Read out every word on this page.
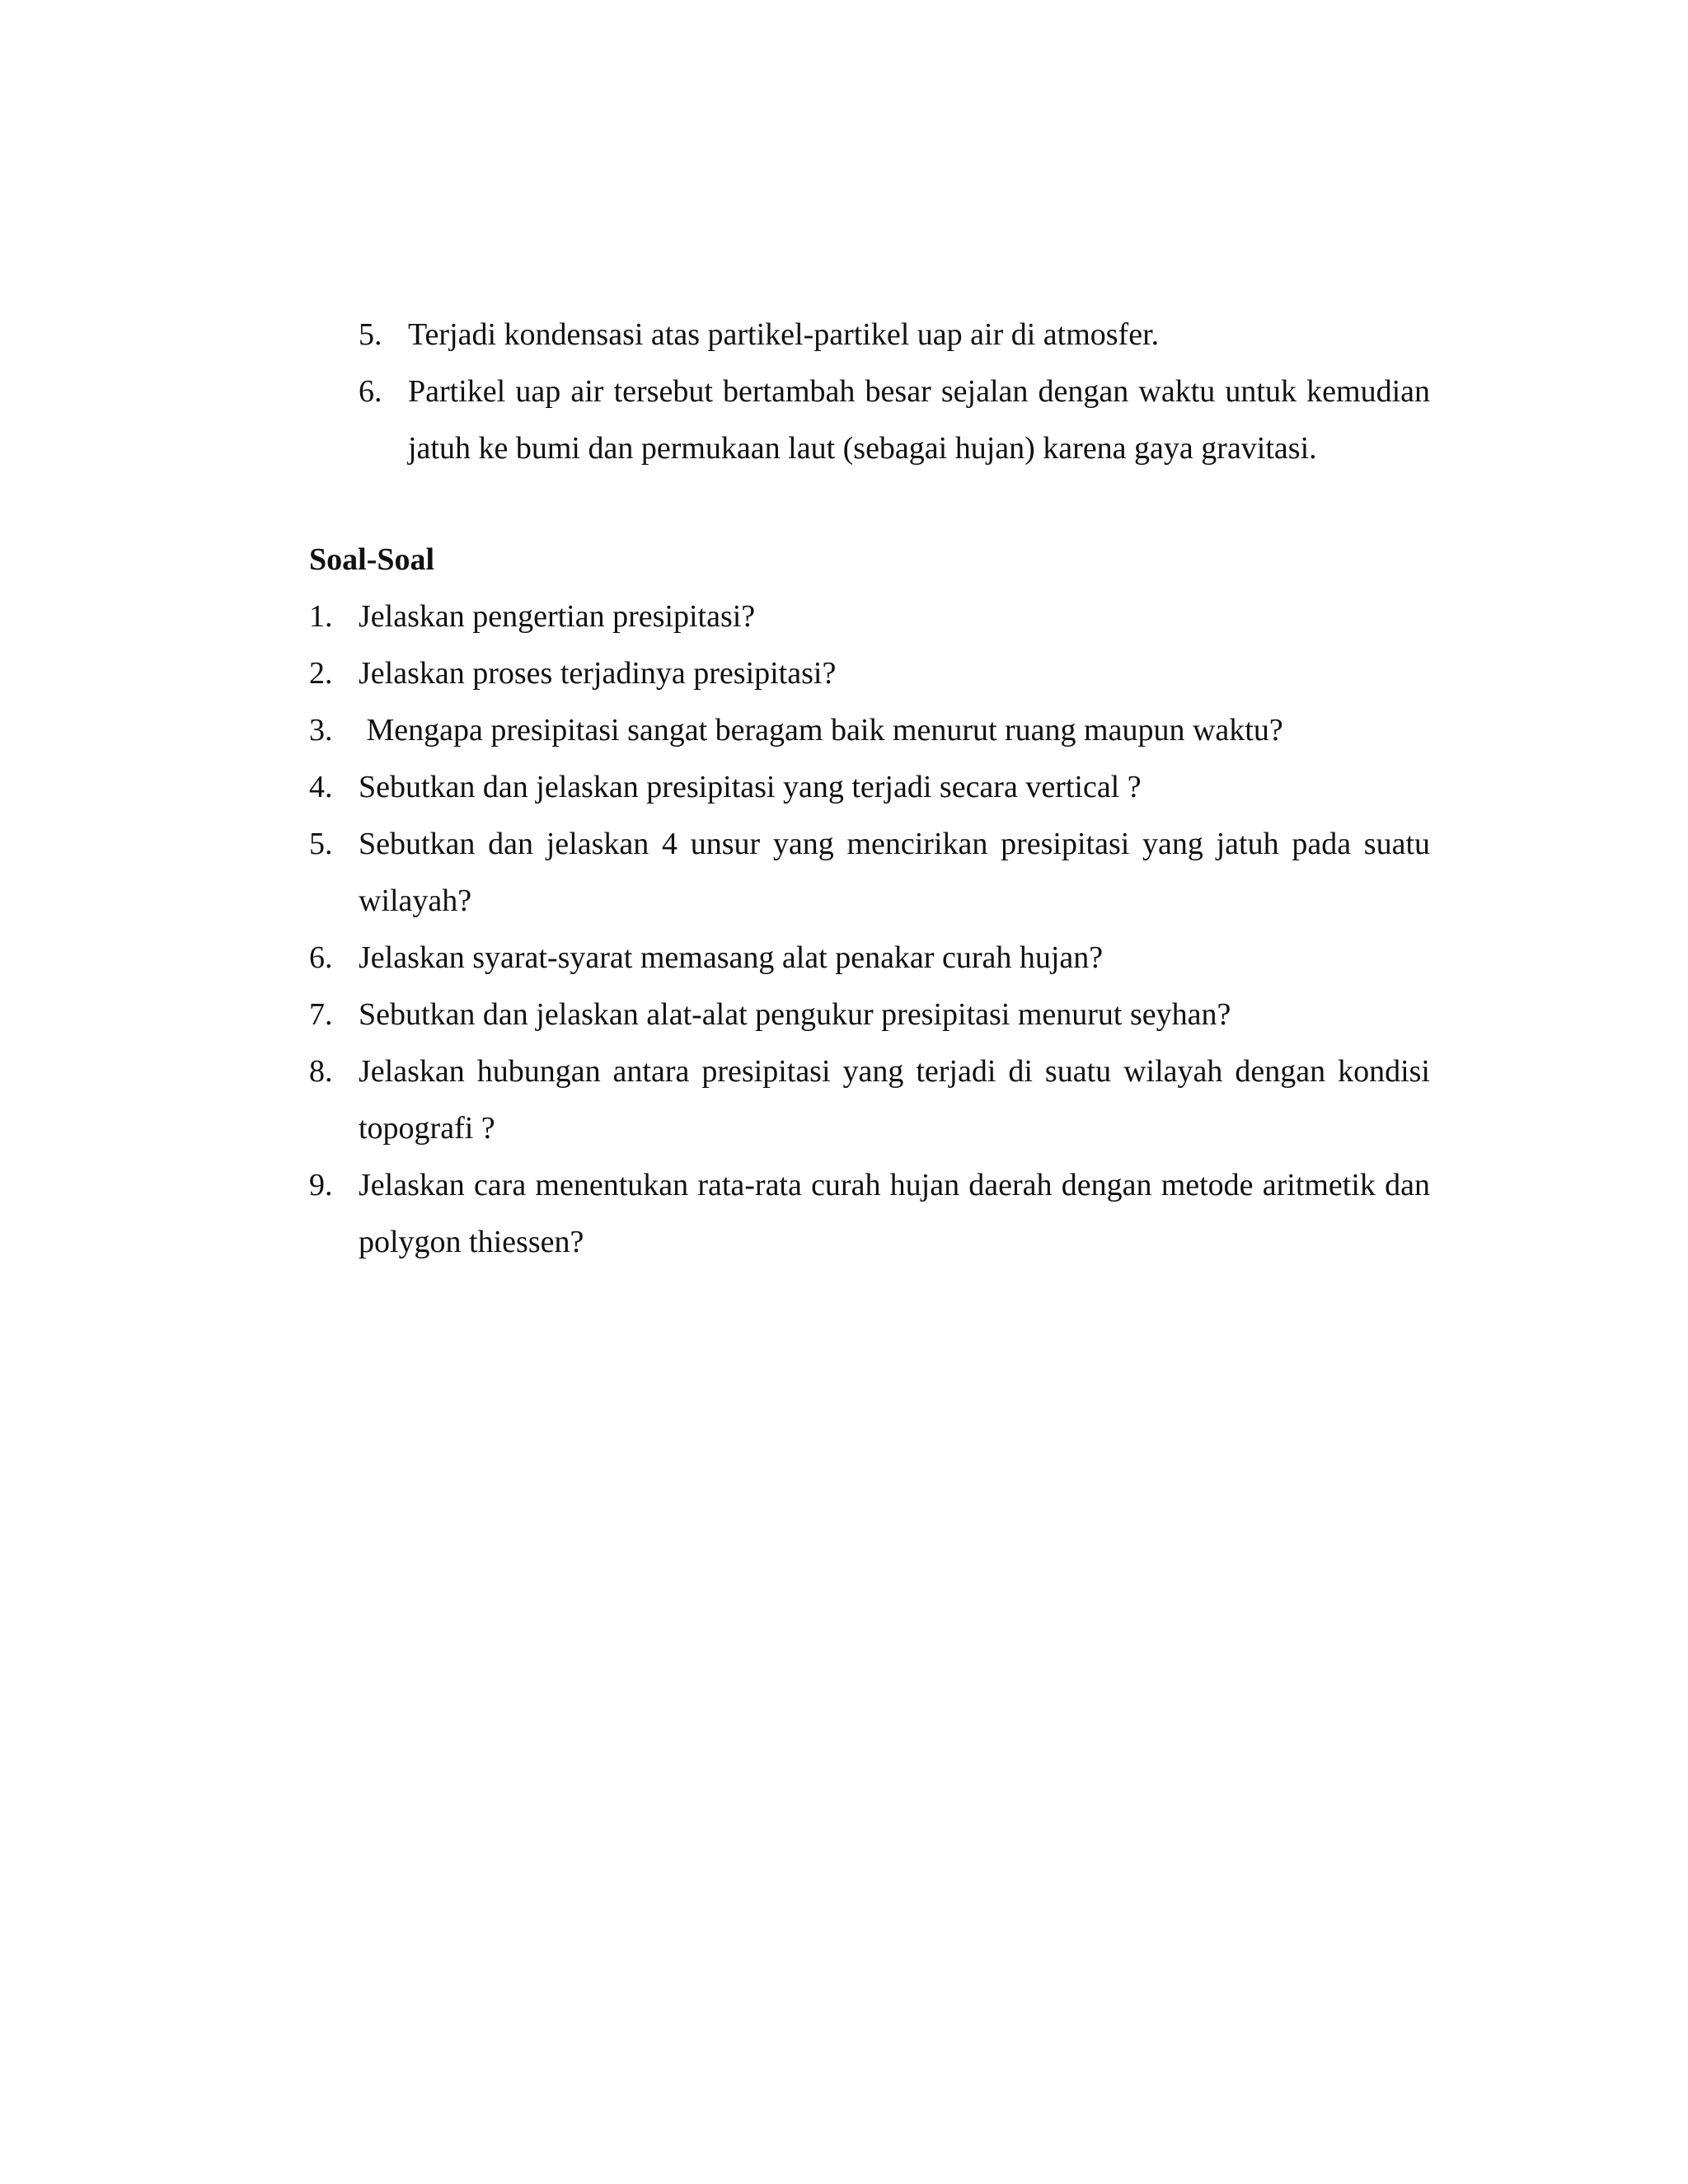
5. Terjadi kondensasi atas partikel-partikel uap air di atmosfer.
6. Partikel uap air tersebut bertambah besar sejalan dengan waktu untuk kemudian jatuh ke bumi dan permukaan laut (sebagai hujan) karena gaya gravitasi.
Soal-Soal
1. Jelaskan pengertian presipitasi?
2. Jelaskan proses terjadinya presipitasi?
3. Mengapa presipitasi sangat beragam baik menurut ruang maupun waktu?
4. Sebutkan dan jelaskan presipitasi yang terjadi secara vertical ?
5. Sebutkan dan jelaskan 4 unsur yang mencirikan presipitasi yang jatuh pada suatu wilayah?
6. Jelaskan syarat-syarat memasang alat penakar curah hujan?
7. Sebutkan dan jelaskan alat-alat pengukur presipitasi menurut seyhan?
8. Jelaskan hubungan antara presipitasi yang terjadi di suatu wilayah dengan kondisi topografi ?
9. Jelaskan cara menentukan rata-rata curah hujan daerah dengan metode aritmetik dan polygon thiessen?
